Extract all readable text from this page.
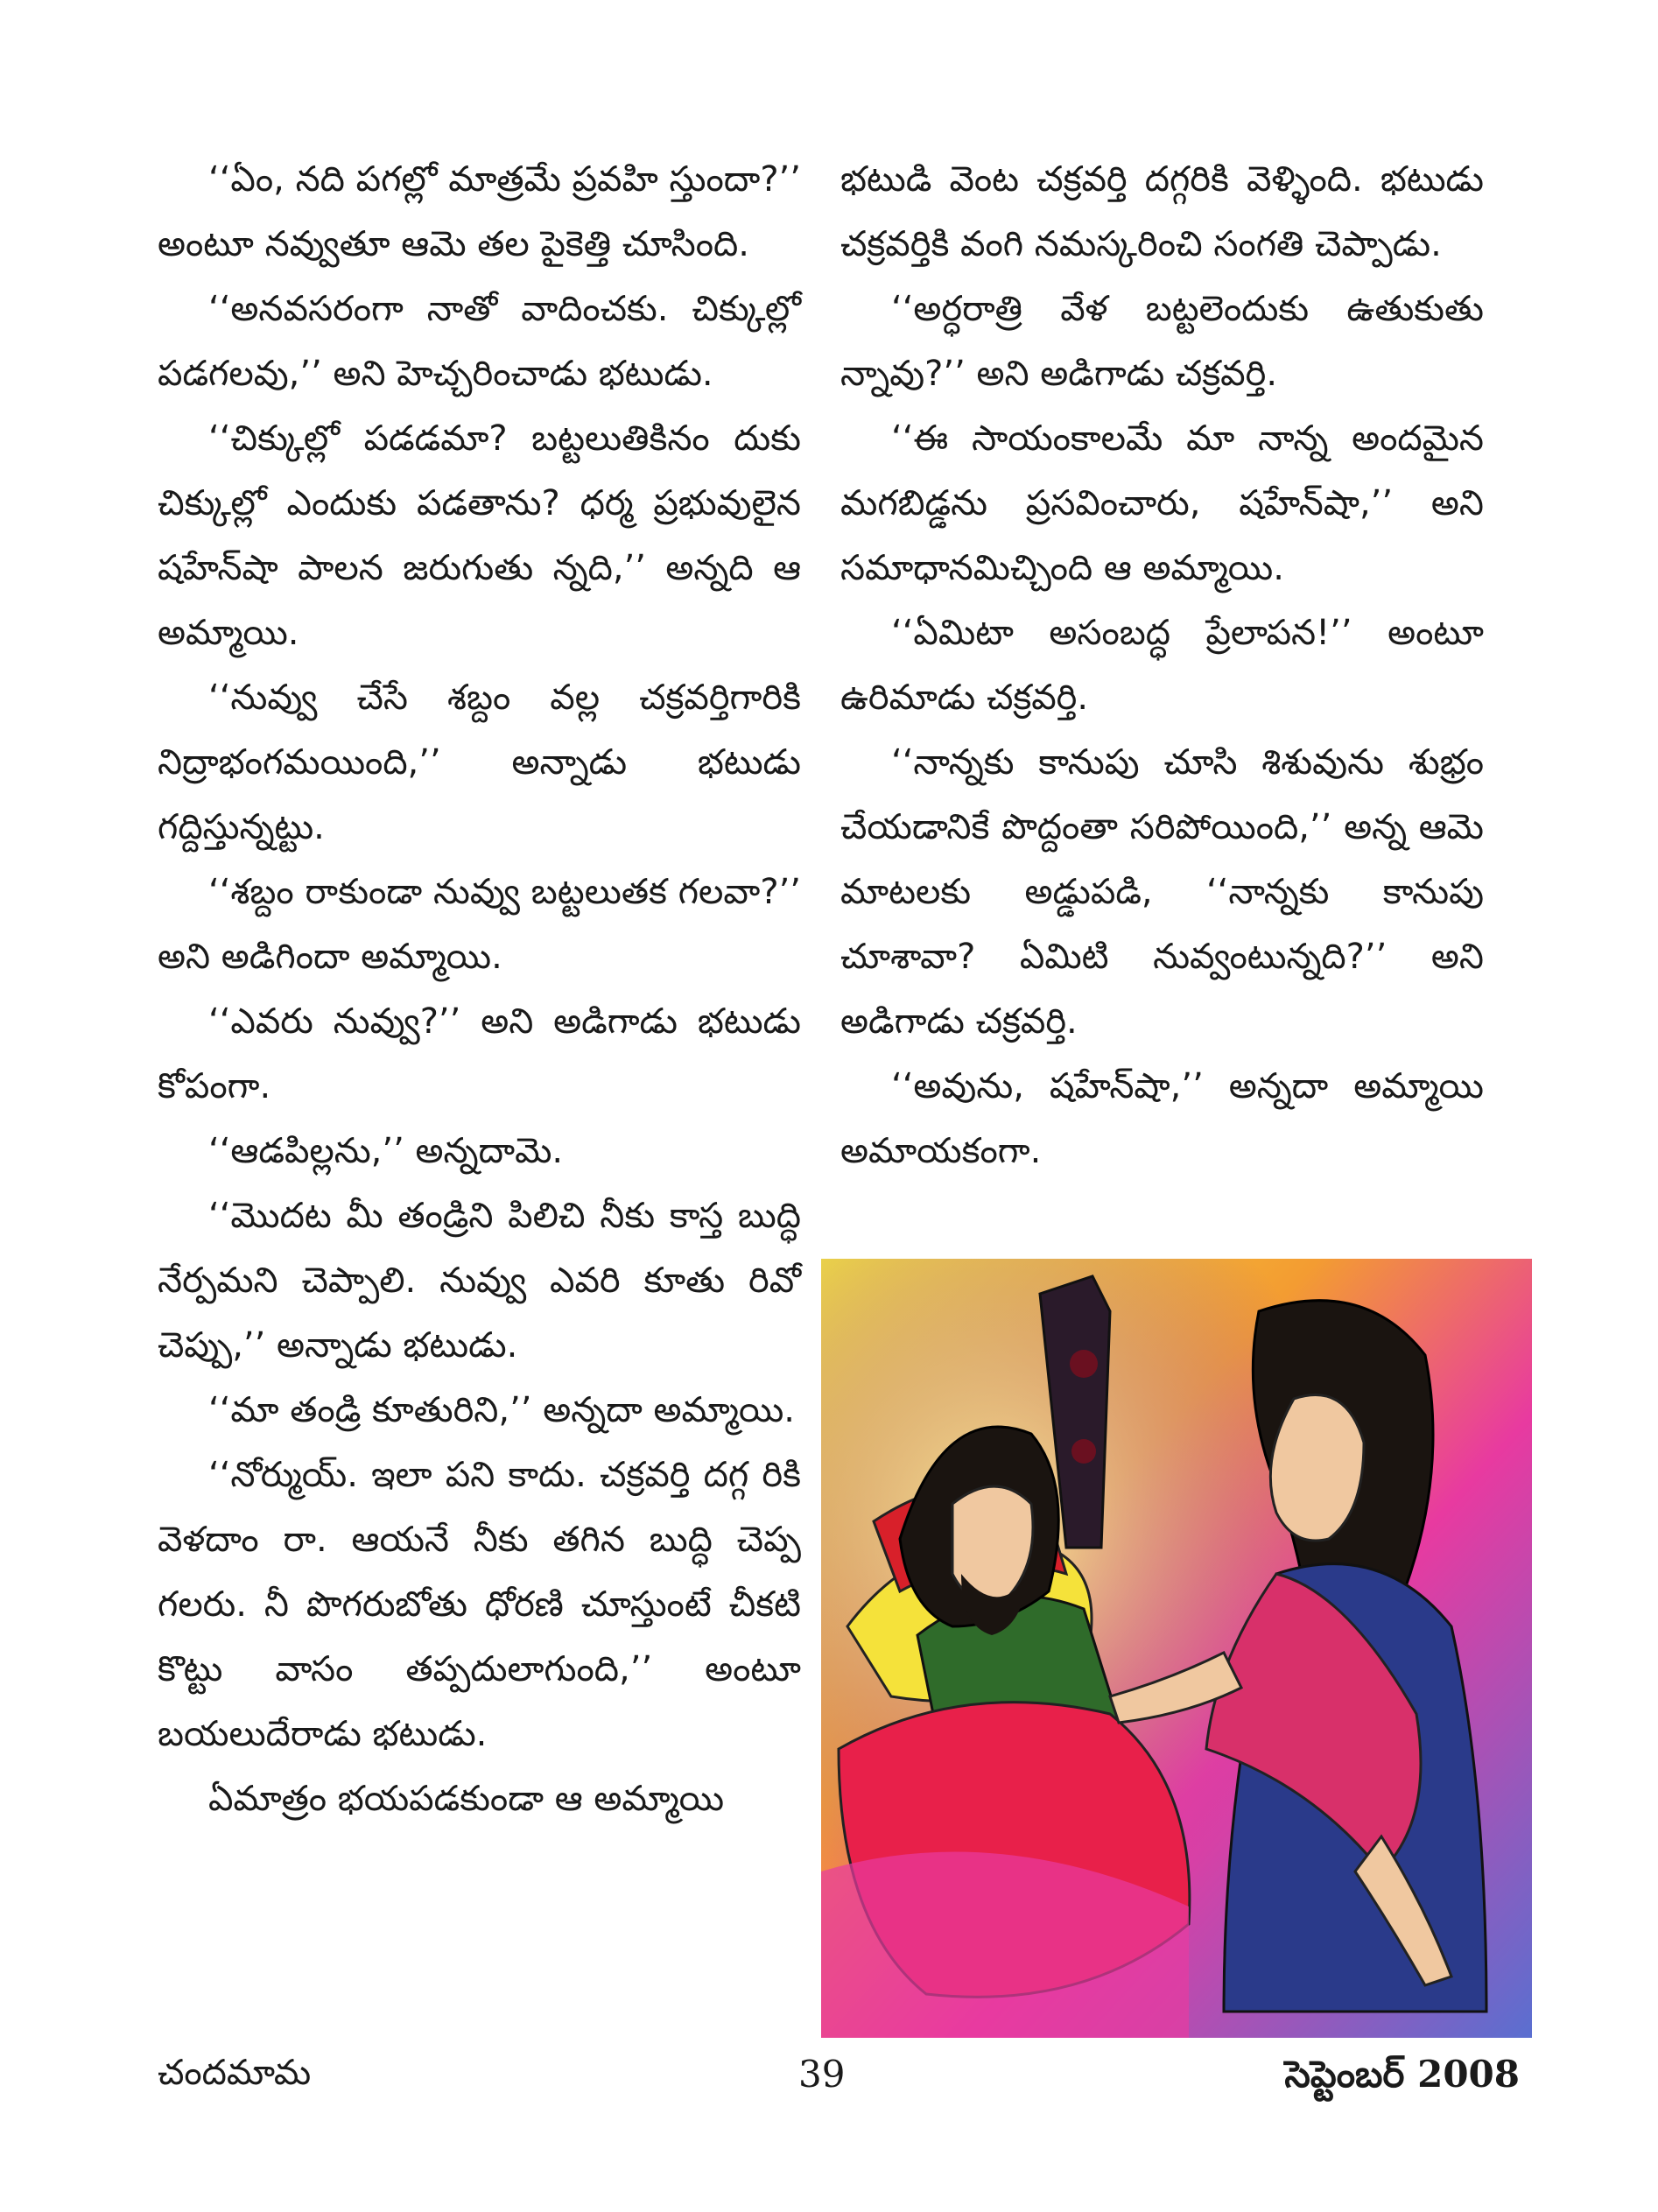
‘‘ఏం, నది పగల్లో మాత్రమే ప్రవహి స్తుందా?’’ అంటూ నవ్వుతూ ఆమె తల పైకెత్తి చూసింది.

‘‘అనవసరంగా నాతో వాదించకు. చిక్కుల్లో పడగలవు,’’ అని హెచ్చరించాడు భటుడు.

‘‘చిక్కుల్లో పడడమా? బట్టలుతికినం దుకు చిక్కుల్లో ఎందుకు పడతాను? ధర్మ ప్రభువులైన షహేన్‌షా పాలన జరుగుతు న్నది,’’ అన్నది ఆ అమ్మాయి.

‘‘నువ్వు చేసే శబ్దం వల్ల చక్రవర్తిగారికి నిద్రాభంగమయింది,’’ అన్నాడు భటుడు గద్దిస్తున్నట్టు.

‘‘శబ్దం రాకుండా నువ్వు బట్టలుతక గలవా?’’ అని అడిగిందా అమ్మాయి.

‘‘ఎవరు నువ్వు?’’ అని అడిగాడు భటుడు కోపంగా.

‘‘ఆడపిల్లను,’’ అన్నదామె.

‘‘మొదట మీ తండ్రిని పిలిచి నీకు కాస్త బుద్ధి నేర్పమని చెప్పాలి. నువ్వు ఎవరి కూతు రివో చెప్పు,’’ అన్నాడు భటుడు.

‘‘మా తండ్రి కూతురిని,’’ అన్నదా అమ్మాయి.

‘‘నోర్ముయ్. ఇలా పని కాదు. చక్రవర్తి దగ్గ రికి వెళదాం రా. ఆయనే నీకు తగిన బుద్ధి చెప్ప గలరు. నీ పొగరుబోతు ధోరణి చూస్తుంటే చీకటి కొట్టు వాసం తప్పదులాగుంది,’’ అంటూ బయలుదేరాడు భటుడు.

ఏమాత్రం భయపడకుండా ఆ అమ్మాయి

భటుడి వెంట చక్రవర్తి దగ్గరికి వెళ్ళింది. భటుడు చక్రవర్తికి వంగి నమస్కరించి సంగతి చెప్పాడు.

‘‘అర్ధరాత్రి వేళ బట్టలెందుకు ఉతుకుతు న్నావు?’’ అని అడిగాడు చక్రవర్తి.

‘‘ఈ సాయంకాలమే మా నాన్న అందమైన మగబిడ్డను ప్రసవించారు, షహేన్‌షా,’’ అని సమాధానమిచ్చింది ఆ అమ్మాయి.

‘‘ఏమిటా అసంబద్ధ ప్రేలాపన!’’ అంటూ ఉరిమాడు చక్రవర్తి.

‘‘నాన్నకు కానుపు చూసి శిశువును శుభ్రం చేయడానికే పొద్దంతా సరిపోయింది,’’ అన్న ఆమె మాటలకు అడ్డుపడి, ‘‘నాన్నకు కానుపు చూశావా? ఏమిటి నువ్వంటున్నది?’’ అని అడిగాడు చక్రవర్తి.

‘‘అవును, షహేన్‌షా,’’ అన్నదా అమ్మాయి అమాయకంగా.

చందమామ	39	సెప్టెంబర్ 2008
